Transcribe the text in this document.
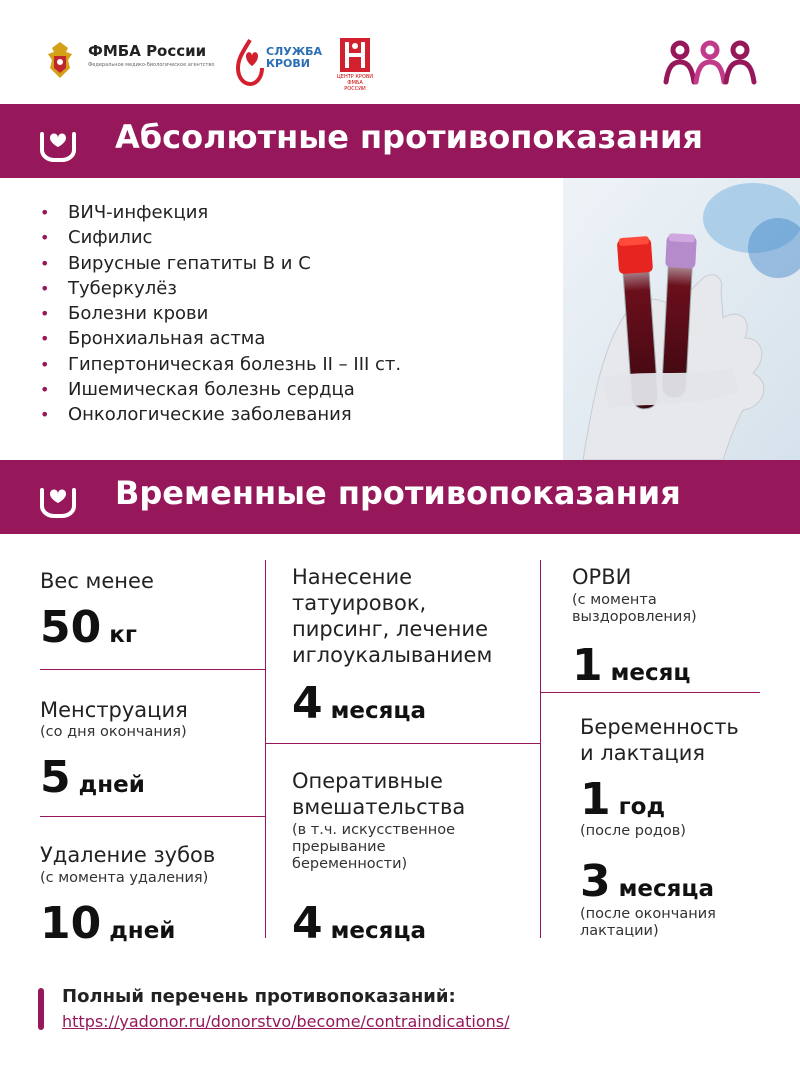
ФМБА России
Федеральное медико-биологическое агентство
СЛУЖБА
КРОВИ
ЦЕНТР КРОВИ
ФМБА РОССИИ
Абсолютные противопоказания
• ВИЧ-инфекция
• Сифилис
• Вирусные гепатиты B и C
• Туберкулёз
• Болезни крови
• Бронхиальная астма
• Гипертоническая болезнь II – III ст.
• Ишемическая болезнь сердца
• Онкологические заболевания
Временные противопоказания
Вес менее
50 кг
Менструация
(со дня окончания)
5 дней
Удаление зубов
(с момента удаления)
10 дней
Нанесение
татуировок,
пирсинг, лечение
иглоукалыванием
4 месяца
Оперативные
вмешательства
(в т.ч. искусственное
прерывание
беременности)
4 месяца
ОРВИ
(с момента
выздоровления)
1 месяц
Беременность
и лактация
1 год
(после родов)
3 месяца
(после окончания
лактации)
Полный перечень противопоказаний:
https://yadonor.ru/donorstvo/become/contraindications/
